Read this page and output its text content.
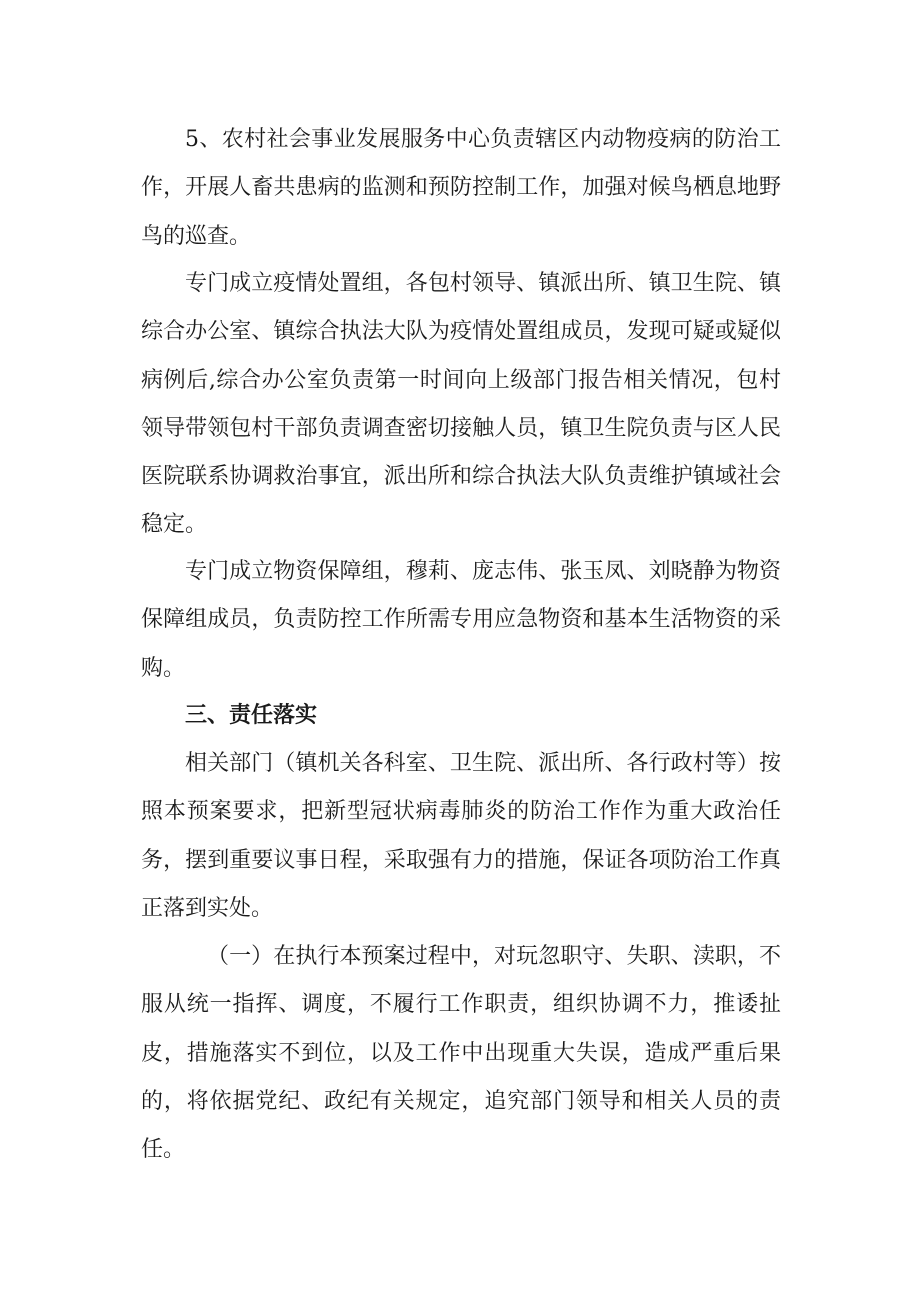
5、农村社会事业发展服务中心负责辖区内动物疫病的防治工作，开展人畜共患病的监测和预防控制工作，加强对候鸟栖息地野鸟的巡查。

专门成立疫情处置组，各包村领导、镇派出所、镇卫生院、镇综合办公室、镇综合执法大队为疫情处置组成员，发现可疑或疑似病例后,综合办公室负责第一时间向上级部门报告相关情况，包村领导带领包村干部负责调查密切接触人员，镇卫生院负责与区人民医院联系协调救治事宜，派出所和综合执法大队负责维护镇域社会稳定。

专门成立物资保障组，穆莉、庞志伟、张玉凤、刘晓静为物资保障组成员，负责防控工作所需专用应急物资和基本生活物资的采购。

三、责任落实

相关部门（镇机关各科室、卫生院、派出所、各行政村等）按照本预案要求，把新型冠状病毒肺炎的防治工作作为重大政治任务，摆到重要议事日程，采取强有力的措施，保证各项防治工作真正落到实处。

（一）在执行本预案过程中，对玩忽职守、失职、渎职，不服从统一指挥、调度，不履行工作职责，组织协调不力，推诿扯皮，措施落实不到位，以及工作中出现重大失误，造成严重后果的，将依据党纪、政纪有关规定，追究部门领导和相关人员的责任。
